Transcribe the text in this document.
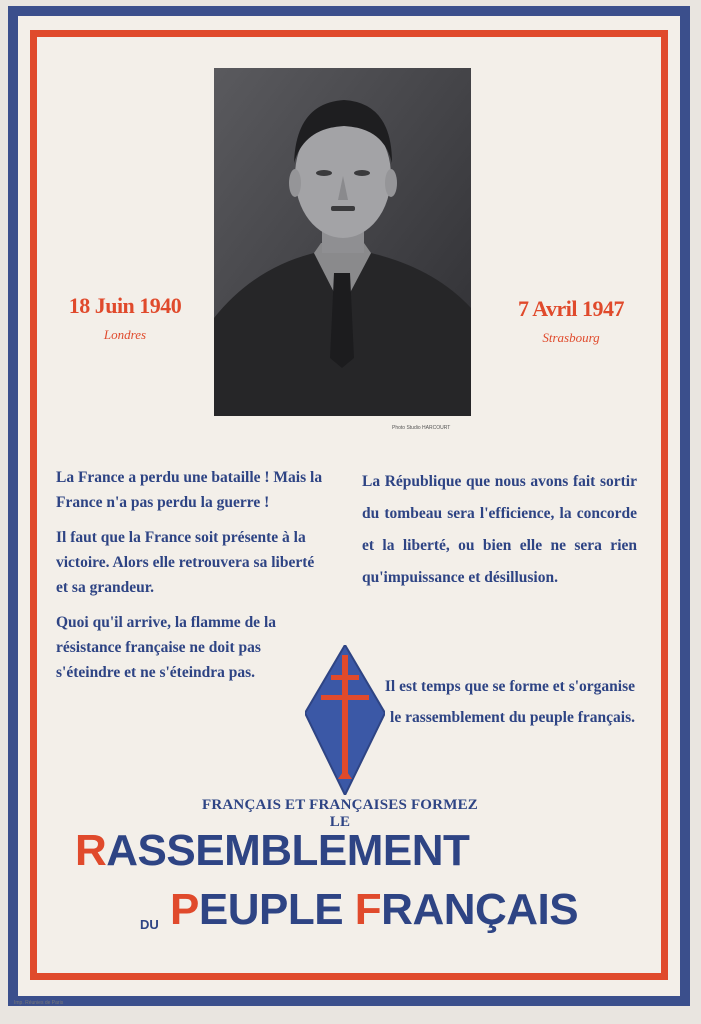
Photo Studio HARCOURT
18 Juin 1940
Londres
7 Avril 1947
Strasbourg

La France a perdu une bataille ! Mais la France n'a pas perdu la guerre !

Il faut que la France soit présente à la victoire. Alors elle retrouvera sa liberté et sa grandeur.

Quoi qu'il arrive, la flamme de la résistance française ne doit pas s'éteindre et ne s'éteindra pas.

La République que nous avons fait sortir du tombeau sera l'efficience, la concorde et la liberté, ou bien elle ne sera rien qu'impuissance et désillusion.
Il est temps que se forme et s'organise le rassemblement du peuple français.
FRANÇAIS ET FRANÇAISES FORMEZ LE
RASSEMBLEMENT
DU PEUPLE FRANÇAIS
Imp. Réunies de Paris
